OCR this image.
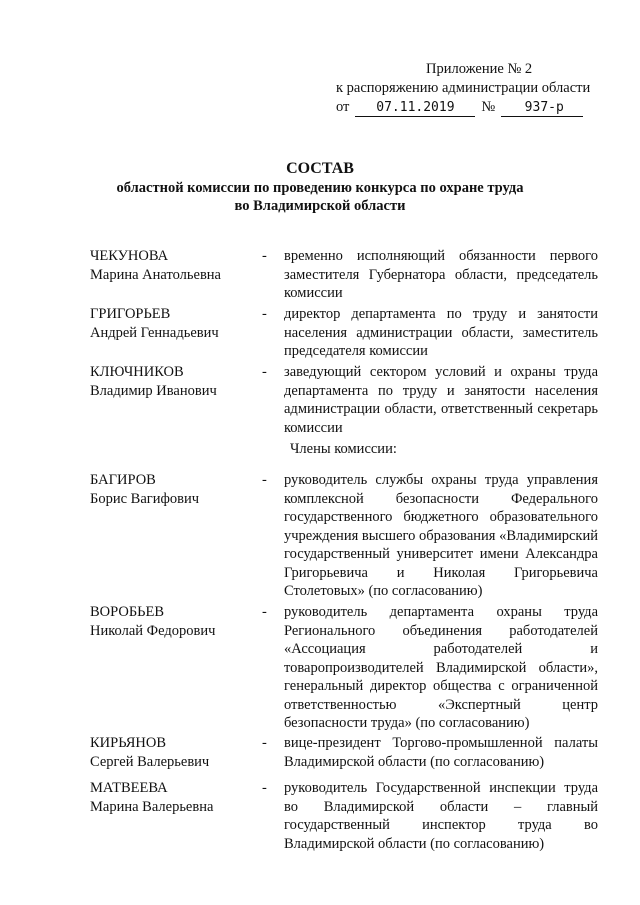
Приложение № 2
к распоряжению администрации области
от	07.11.2019	№	937-р
СОСТАВ
областной комиссии по проведению конкурса по охране труда
во Владимирской области
ЧЕКУНОВА
Марина Анатольевна
- временно исполняющий обязанности первого заместителя Губернатора области, председатель комиссии
ГРИГОРЬЕВ
Андрей Геннадьевич
- директор департамента по труду и занятости населения администрации области, заместитель председателя комиссии
КЛЮЧНИКОВ
Владимир Иванович
- заведующий сектором условий и охраны труда департамента по труду и занятости населения администрации области, ответственный секретарь комиссии
Члены комиссии:
БАГИРОВ
Борис Вагифович
- руководитель службы охраны труда управления комплексной безопасности Федерального государственного бюджетного образовательного учреждения высшего образования «Владимирский государственный университет имени Александра Григорьевича и Николая Григорьевича Столетовых» (по согласованию)
ВОРОБЬЕВ
Николай Федорович
- руководитель департамента охраны труда Регионального объединения работодателей «Ассоциация работодателей и товаропроизводителей Владимирской области», генеральный директор общества с ограниченной ответственностью «Экспертный центр безопасности труда» (по согласованию)
КИРЬЯНОВ
Сергей Валерьевич
- вице-президент Торгово-промышленной палаты Владимирской области (по согласованию)
МАТВЕЕВА
Марина Валерьевна
- руководитель Государственной инспекции труда во Владимирской области – главный государственный инспектор труда во Владимирской области (по согласованию)
